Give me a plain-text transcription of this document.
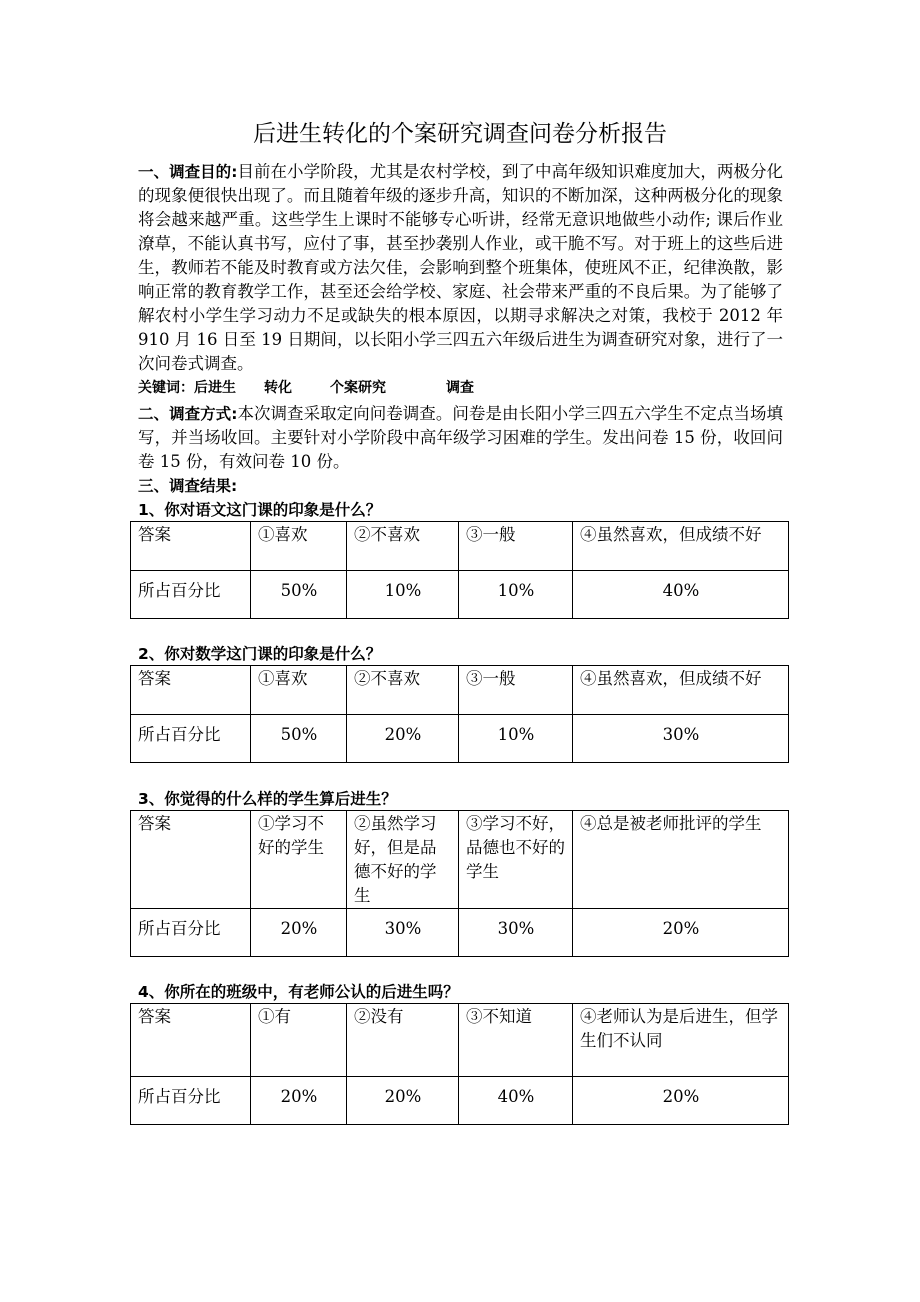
后进生转化的个案研究调查问卷分析报告
一、调查目的:目前在小学阶段，尤其是农村学校，到了中高年级知识难度加大，两极分化的现象便很快出现了。而且随着年级的逐步升高，知识的不断加深，这种两极分化的现象将会越来越严重。这些学生上课时不能够专心听讲，经常无意识地做些小动作; 课后作业潦草，不能认真书写，应付了事，甚至抄袭别人作业，或干脆不写。对于班上的这些后进生，教师若不能及时教育或方法欠佳，会影响到整个班集体，使班风不正，纪律涣散，影响正常的教育教学工作，甚至还会给学校、家庭、社会带来严重的不良后果。为了能够了解农村小学生学习动力不足或缺失的根本原因，以期寻求解决之对策，我校于 2012 年 910 月 16 日至 19 日期间，以长阳小学三四五六年级后进生为调查研究对象，进行了一次问卷式调查。
关键词：后进生 转化	个案研究	调查
二、调查方式:本次调查采取定向问卷调查。问卷是由长阳小学三四五六学生不定点当场填写，并当场收回。主要针对小学阶段中高年级学习困难的学生。发出问卷 15 份，收回问卷 15 份，有效问卷 10 份。
三、调查结果:
1、你对语文这门课的印象是什么？
答案	①喜欢	②不喜欢	③一般	④虽然喜欢，但成绩不好
所占百分比	50%	10%	10%	40%
2、你对数学这门课的印象是什么？
答案	①喜欢	②不喜欢	③一般	④虽然喜欢，但成绩不好
所占百分比	50%	20%	10%	30%
3、你觉得的什么样的学生算后进生？
答案	①学习不好的学生	②虽然学习好，但是品德不好的学生	③学习不好，品德也不好的学生	④总是被老师批评的学生
所占百分比	20%	30%	30%	20%
4、你所在的班级中，有老师公认的后进生吗？
答案	①有	②没有	③不知道	④老师认为是后进生，但学生们不认同
所占百分比	20%	20%	40%	20%
